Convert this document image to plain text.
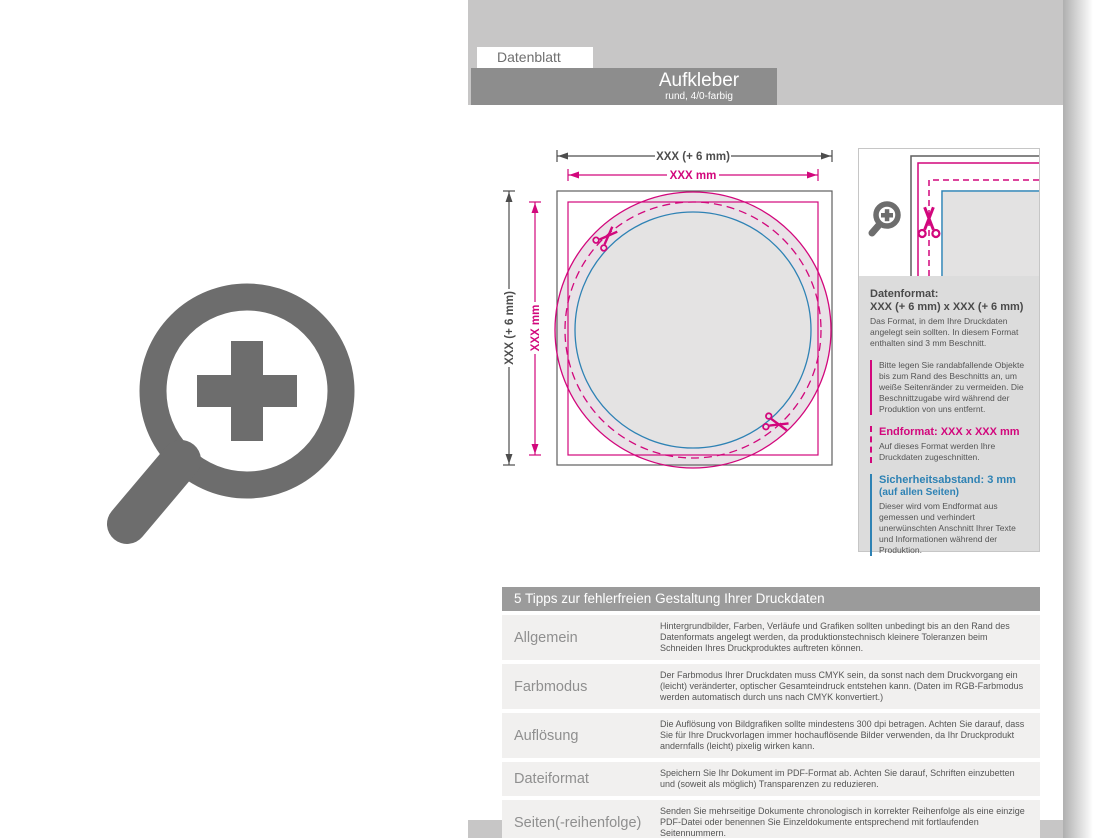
Datenblatt
Aufkleber
rund, 4/0-farbig
XXX (+ 6 mm)
XXX mm
XXX (+ 6 mm) XXX mm
Datenformat:
XXX (+ 6 mm) x XXX (+ 6 mm)
Das Format, in dem Ihre Druckdaten angelegt sein sollten. In diesem Format enthalten sind 3 mm Beschnitt.
Bitte legen Sie randabfallende Objekte bis zum Rand des Beschnitts an, um weiße Seitenränder zu vermeiden. Die Beschnittzugabe wird während der Produktion von uns entfernt.
Endformat: XXX x XXX mm
Auf dieses Format werden Ihre Druckdaten zugeschnitten.
Sicherheitsabstand: 3 mm
(auf allen Seiten)
Dieser wird vom Endformat aus gemessen und verhindert unerwünschten Anschnitt Ihrer Texte und Informationen während der Produktion.
5 Tipps zur fehlerfreien Gestaltung Ihrer Druckdaten
Allgemein
Hintergrundbilder, Farben, Verläufe und Grafiken sollten unbedingt bis an den Rand des Datenformats angelegt werden, da produktionstechnisch kleinere Toleranzen beim Schneiden Ihres Druckproduktes auftreten können.
Farbmodus
Der Farbmodus Ihrer Druckdaten muss CMYK sein, da sonst nach dem Druckvorgang ein (leicht) veränderter, optischer Gesamteindruck entstehen kann. (Daten im RGB-Farbmodus werden automatisch durch uns nach CMYK konvertiert.)
Auflösung
Die Auflösung von Bildgrafiken sollte mindestens 300 dpi betragen. Achten Sie darauf, dass Sie für Ihre Druckvorlagen immer hochauflösende Bilder verwenden, da Ihr Druckprodukt andernfalls (leicht) pixelig wirken kann.
Dateiformat	Speichern Sie Ihr Dokument im PDF-Format ab. Achten Sie darauf, Schriften einzubetten und (soweit als möglich) Transparenzen zu reduzieren.
Seiten(-reihenfolge)
Senden Sie mehrseitige Dokumente chronologisch in korrekter Reihenfolge als eine einzige PDF-Datei oder benennen Sie Einzeldokumente entsprechend mit fortlaufenden Seitennummern.
